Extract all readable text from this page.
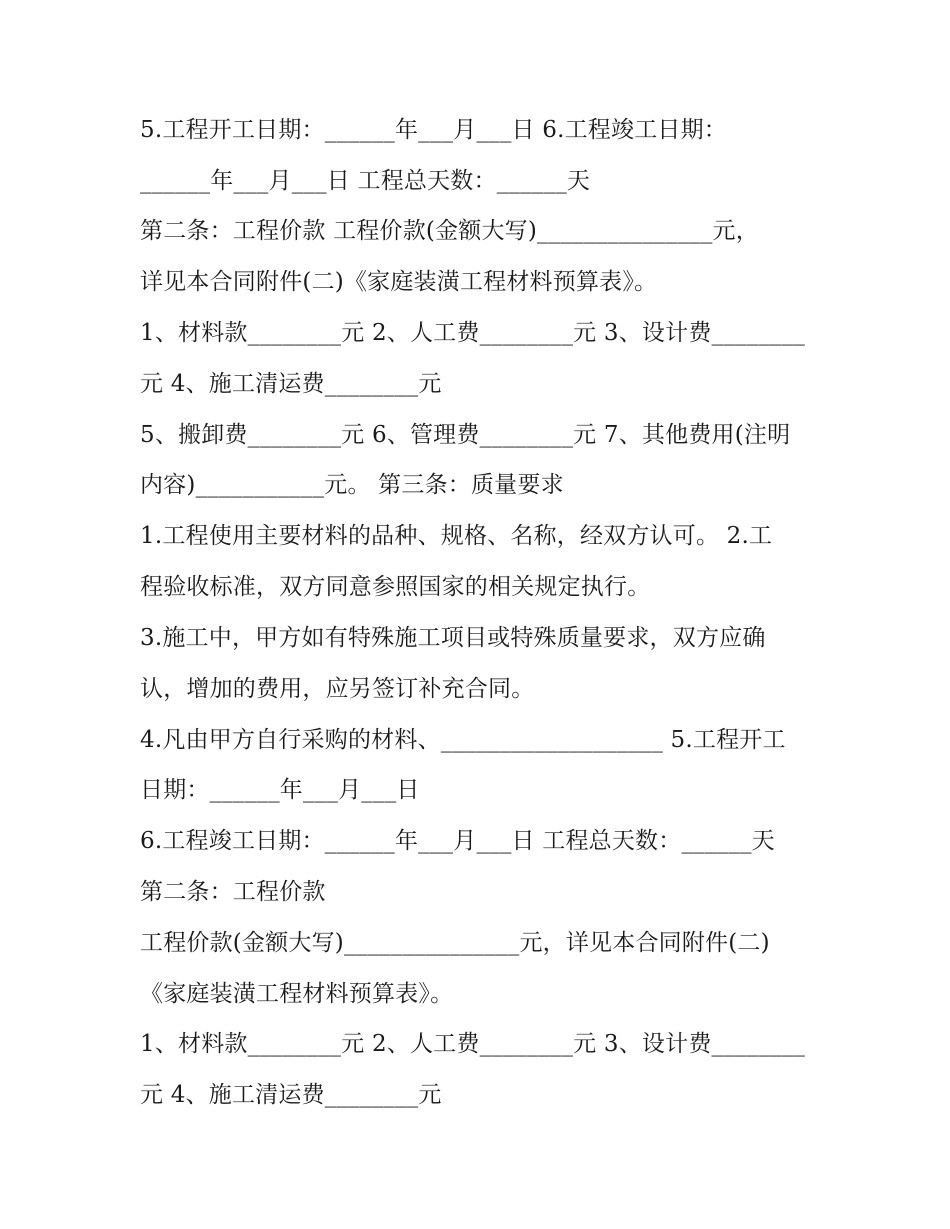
5.工程开工日期：______年___月___日 6.工程竣工日期：

______年___月___日 工程总天数：______天

第二条：工程价款 工程价款(金额大写)_______________元，

详见本合同附件(二)《家庭装潢工程材料预算表》。

1、材料款________元 2、人工费________元 3、设计费________

元 4、施工清运费________元

5、搬卸费________元 6、管理费________元 7、其他费用(注明

内容)___________元。 第三条：质量要求

1.工程使用主要材料的品种、规格、名称，经双方认可。 2.工

程验收标准，双方同意参照国家的相关规定执行。

3.施工中，甲方如有特殊施工项目或特殊质量要求，双方应确

认，增加的费用，应另签订补充合同。

4.凡由甲方自行采购的材料、___________________ 5.工程开工

日期：______年___月___日

6.工程竣工日期：______年___月___日 工程总天数：______天

第二条：工程价款

工程价款(金额大写)_______________元，详见本合同附件(二)

《家庭装潢工程材料预算表》。

1、材料款________元 2、人工费________元 3、设计费________

元 4、施工清运费________元
